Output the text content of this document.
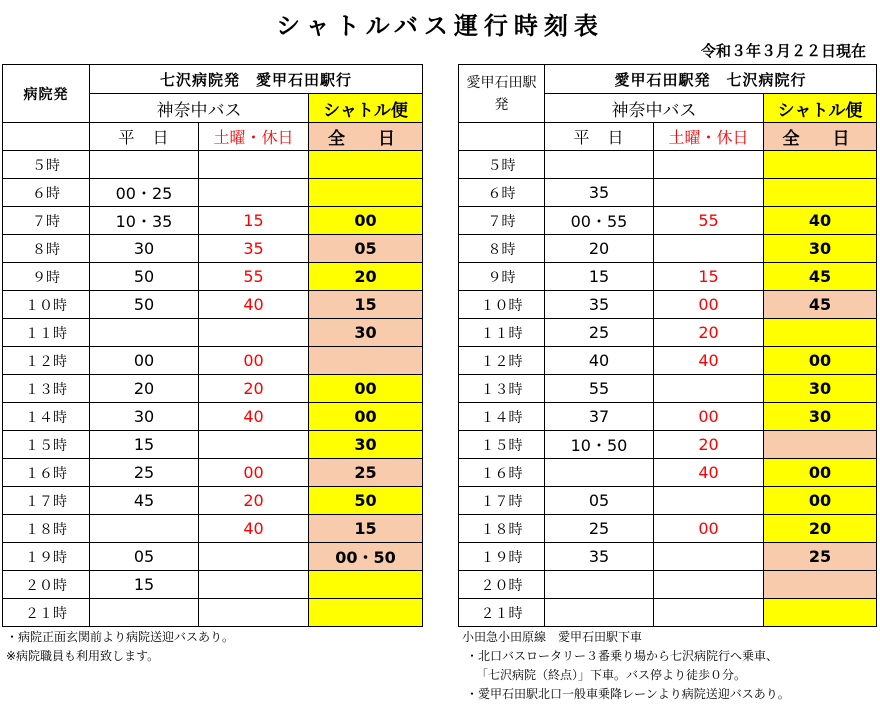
シャトルバス運行時刻表
令和３年３月２２日現在
病院発	七沢病院発　愛甲石田駅行		
	神奈中バス		シャトル便
	平　日	土曜・休日	全　日
５時			
６時	00・25		
７時	10・35	15	00
８時	30	35	05
９時	50	55	20
１０時	50	40	15
１１時			30
１２時	00	00	
１３時	20	20	00
１４時	30	40	00
１５時	15		30
１６時	25	00	25
１７時	45	20	50
１８時		40	15
１９時	05		00・50
２０時	15		
２１時			
愛甲石田駅
発	愛甲石田駅発　七沢病院行		
	神奈中バス		シャトル便
	平　日	土曜・休日	全　日
５時			
６時	35		
７時	00・55	55	40
８時	20		30
９時	15	15	45
１０時	35	00	45
１１時	25	20	
１２時	40	40	00
１３時	55		30
１４時	37	00	30
１５時	10・50	20	
１６時		40	00
１７時	05		00
１８時	25	00	20
１９時	35		25
２０時			
２１時			
・病院正面玄関前より病院送迎バスあり。
※病院職員も利用致します。
小田急小田原線　愛甲石田駅下車
・北口バスロータリー３番乗り場から七沢病院行へ乗車、
「七沢病院（終点）」下車。バス停より徒歩０分。
・愛甲石田駅北口一般車乗降レーンより病院送迎バスあり。
